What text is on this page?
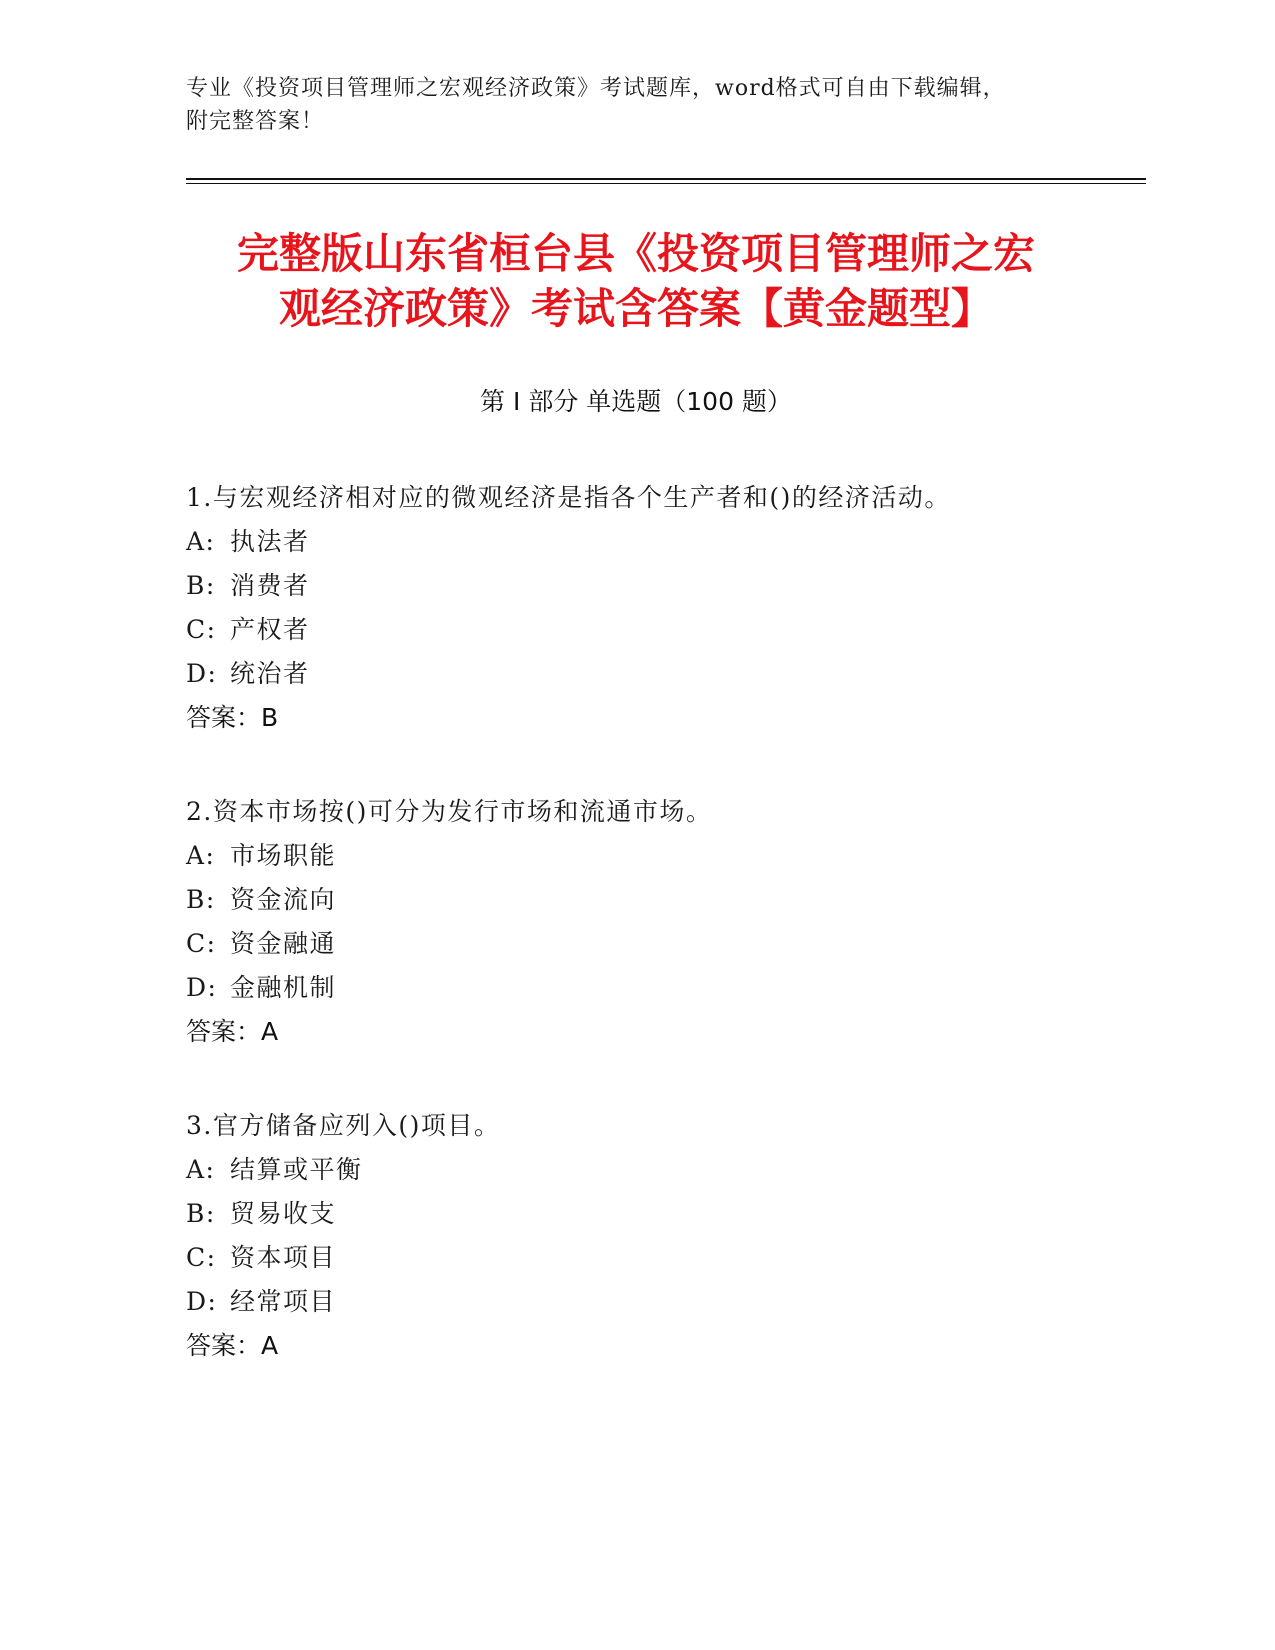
专业《投资项目管理师之宏观经济政策》考试题库，word格式可自由下载编辑，
附完整答案！
完整版山东省桓台县《投资项目管理师之宏
观经济政策》考试含答案【黄金题型】
第 I 部分 单选题（100 题）
1.与宏观经济相对应的微观经济是指各个生产者和()的经济活动。
A: 执法者
B: 消费者
C: 产权者
D: 统治者
答案：B
2.资本市场按()可分为发行市场和流通市场。
A: 市场职能
B: 资金流向
C: 资金融通
D: 金融机制
答案：A
3.官方储备应列入()项目。
A: 结算或平衡
B: 贸易收支
C: 资本项目
D: 经常项目
答案：A
